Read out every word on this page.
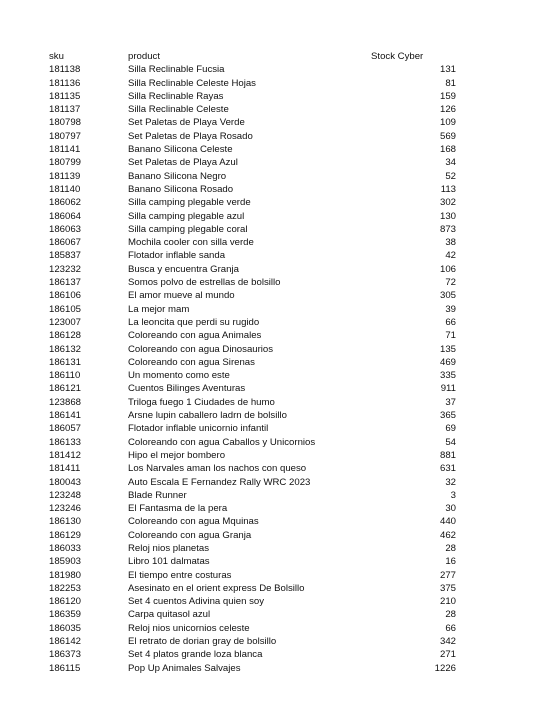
sku	product	Stock Cyber
181138	Silla Reclinable Fucsia	131
181136	Silla Reclinable Celeste Hojas	81
181135	Silla Reclinable Rayas	159
181137	Silla Reclinable Celeste	126
180798	Set Paletas de Playa Verde	109
180797	Set Paletas de Playa Rosado	569
181141	Banano Silicona Celeste	168
180799	Set Paletas de Playa Azul	34
181139	Banano Silicona Negro	52
181140	Banano Silicona Rosado	113
186062	Silla camping plegable verde	302
186064	Silla camping plegable azul	130
186063	Silla camping plegable coral	873
186067	Mochila cooler con silla verde	38
185837	Flotador inflable sanda	42
123232	Busca y encuentra Granja	106
186137	Somos polvo de estrellas de bolsillo	72
186106	El amor mueve al mundo	305
186105	La mejor mam	39
123007	La leoncita que perdi su rugido	66
186128	Coloreando con agua Animales	71
186132	Coloreando con agua Dinosaurios	135
186131	Coloreando con agua Sirenas	469
186110	Un momento como este	335
186121	Cuentos Bilinges Aventuras	911
123868	Triloga fuego 1 Ciudades de humo	37
186141	Arsne lupin caballero ladrn de bolsillo	365
186057	Flotador inflable unicornio infantil	69
186133	Coloreando con agua Caballos y Unicornios	54
181412	Hipo el mejor bombero	881
181411	Los Narvales aman los nachos con queso	631
180043	Auto Escala E Fernandez Rally WRC 2023	32
123248	Blade Runner	3
123246	El Fantasma de la pera	30
186130	Coloreando con agua Mquinas	440
186129	Coloreando con agua Granja	462
186033	Reloj nios planetas	28
185903	Libro 101 dalmatas	16
181980	El tiempo entre costuras	277
182253	Asesinato en el orient express De Bolsillo	375
186120	Set 4 cuentos Adivina quien soy	210
186359	Carpa quitasol azul	28
186035	Reloj nios unicornios celeste	66
186142	El retrato de dorian gray de bolsillo	342
186373	Set 4 platos grande loza blanca	271
186115	Pop Up Animales Salvajes	1226
